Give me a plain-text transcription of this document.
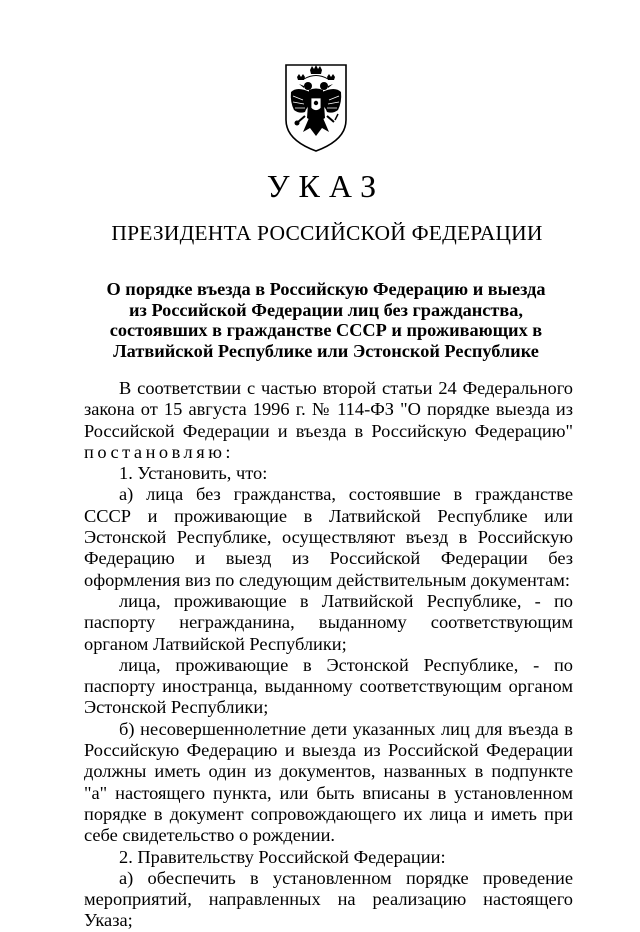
УКАЗ
ПРЕЗИДЕНТА РОССИЙСКОЙ ФЕДЕРАЦИИ
О порядке въезда в Российскую Федерацию и выезда
из Российской Федерации лиц без гражданства,
состоявших в гражданстве СССР и проживающих в
Латвийской Республике или Эстонской Республике

В соответствии с частью второй статьи 24 Федерального закона от 15 августа 1996 г. № 114-ФЗ "О порядке выезда из Российской Федерации и въезда в Российскую Федерацию" постановляю:

1. Установить, что:

а) лица без гражданства, состоявшие в гражданстве СССР и проживающие в Латвийской Республике или Эстонской Республике, осуществляют въезд в Российскую Федерацию и выезд из Российской Федерации без оформления виз по следующим действительным документам:

лица, проживающие в Латвийской Республике, - по паспорту негражданина, выданному соответствующим органом Латвийской Республики;

лица, проживающие в Эстонской Республике, - по паспорту иностранца, выданному соответствующим органом Эстонской Республики;

б) несовершеннолетние дети указанных лиц для въезда в Российскую Федерацию и выезда из Российской Федерации должны иметь один из документов, названных в подпункте "а" настоящего пункта, или быть вписаны в установленном порядке в документ сопровождающего их лица и иметь при себе свидетельство о рождении.

2. Правительству Российской Федерации:

а) обеспечить в установленном порядке проведение мероприятий, направленных на реализацию настоящего Указа;
